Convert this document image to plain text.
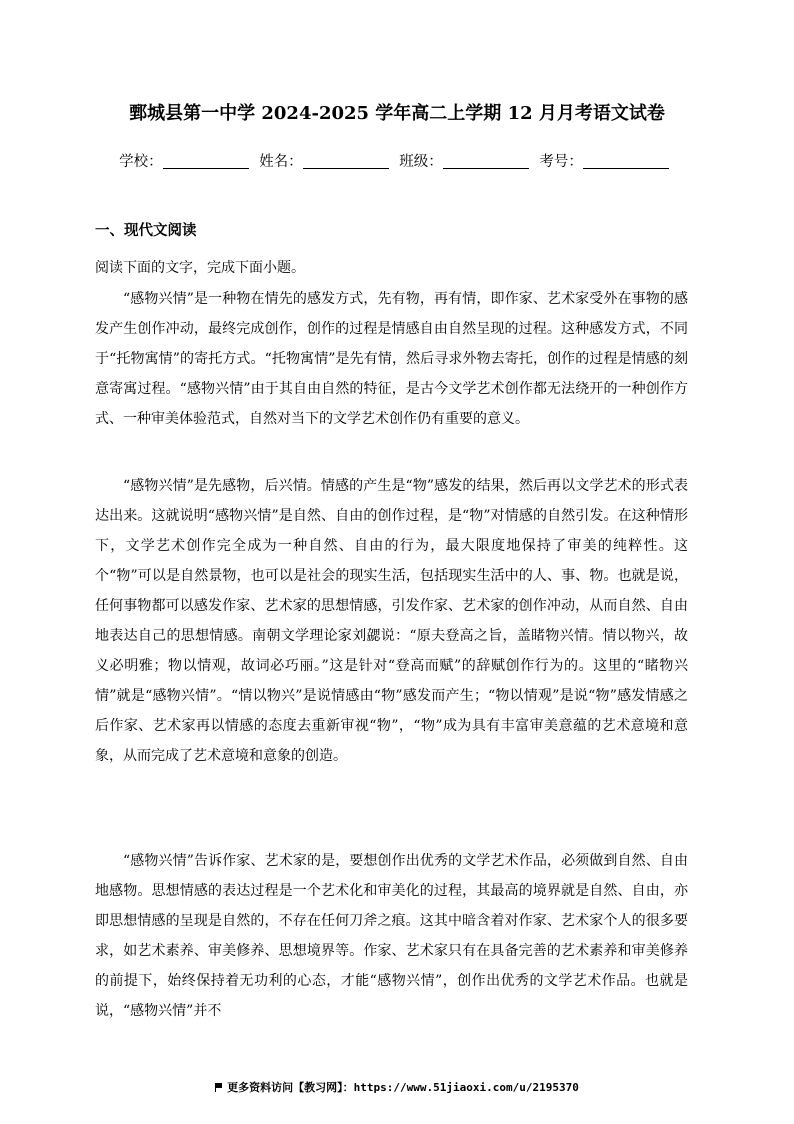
鄄城县第一中学 2024-2025 学年高二上学期 12 月月考语文试卷
学校：	姓名：	班级：	考号：
一、现代文阅读
阅读下面的文字，完成下面小题。

“感物兴情”是一种物在情先的感发方式，先有物，再有情，即作家、艺术家受外在事物的感发产生创作冲动，最终完成创作，创作的过程是情感自由自然呈现的过程。这种感发方式，不同于“托物寓情”的寄托方式。“托物寓情”是先有情，然后寻求外物去寄托，创作的过程是情感的刻意寄寓过程。“感物兴情”由于其自由自然的特征，是古今文学艺术创作都无法绕开的一种创作方式、一种审美体验范式，自然对当下的文学艺术创作仍有重要的意义。

“感物兴情”是先感物，后兴情。情感的产生是“物”感发的结果，然后再以文学艺术的形式表达出来。这就说明“感物兴情”是自然、自由的创作过程，是“物”对情感的自然引发。在这种情形下，文学艺术创作完全成为一种自然、自由的行为，最大限度地保持了审美的纯粹性。这个“物”可以是自然景物，也可以是社会的现实生活，包括现实生活中的人、事、物。也就是说，任何事物都可以感发作家、艺术家的思想情感，引发作家、艺术家的创作冲动，从而自然、自由地表达自己的思想情感。南朝文学理论家刘勰说：“原夫登高之旨，盖睹物兴情。情以物兴，故义必明雅；物以情观，故词必巧丽。”这是针对“登高而赋”的辞赋创作行为的。这里的“睹物兴情”就是“感物兴情”。“情以物兴”是说情感由“物”感发而产生；“物以情观”是说“物”感发情感之后作家、艺术家再以情感的态度去重新审视“物”，“物”成为具有丰富审美意蕴的艺术意境和意象，从而完成了艺术意境和意象的创造。

“感物兴情”告诉作家、艺术家的是，要想创作出优秀的文学艺术作品，必须做到自然、自由地感物。思想情感的表达过程是一个艺术化和审美化的过程，其最高的境界就是自然、自由，亦即思想情感的呈现是自然的，不存在任何刀斧之痕。这其中暗含着对作家、艺术家个人的很多要求，如艺术素养、审美修养、思想境界等。作家、艺术家只有在具备完善的艺术素养和审美修养的前提下，始终保持着无功利的心态，才能“感物兴情”，创作出优秀的文学艺术作品。也就是说，“感物兴情”并不

更多资料访问【教习网】：https://www.51jiaoxi.com/u/2195370
